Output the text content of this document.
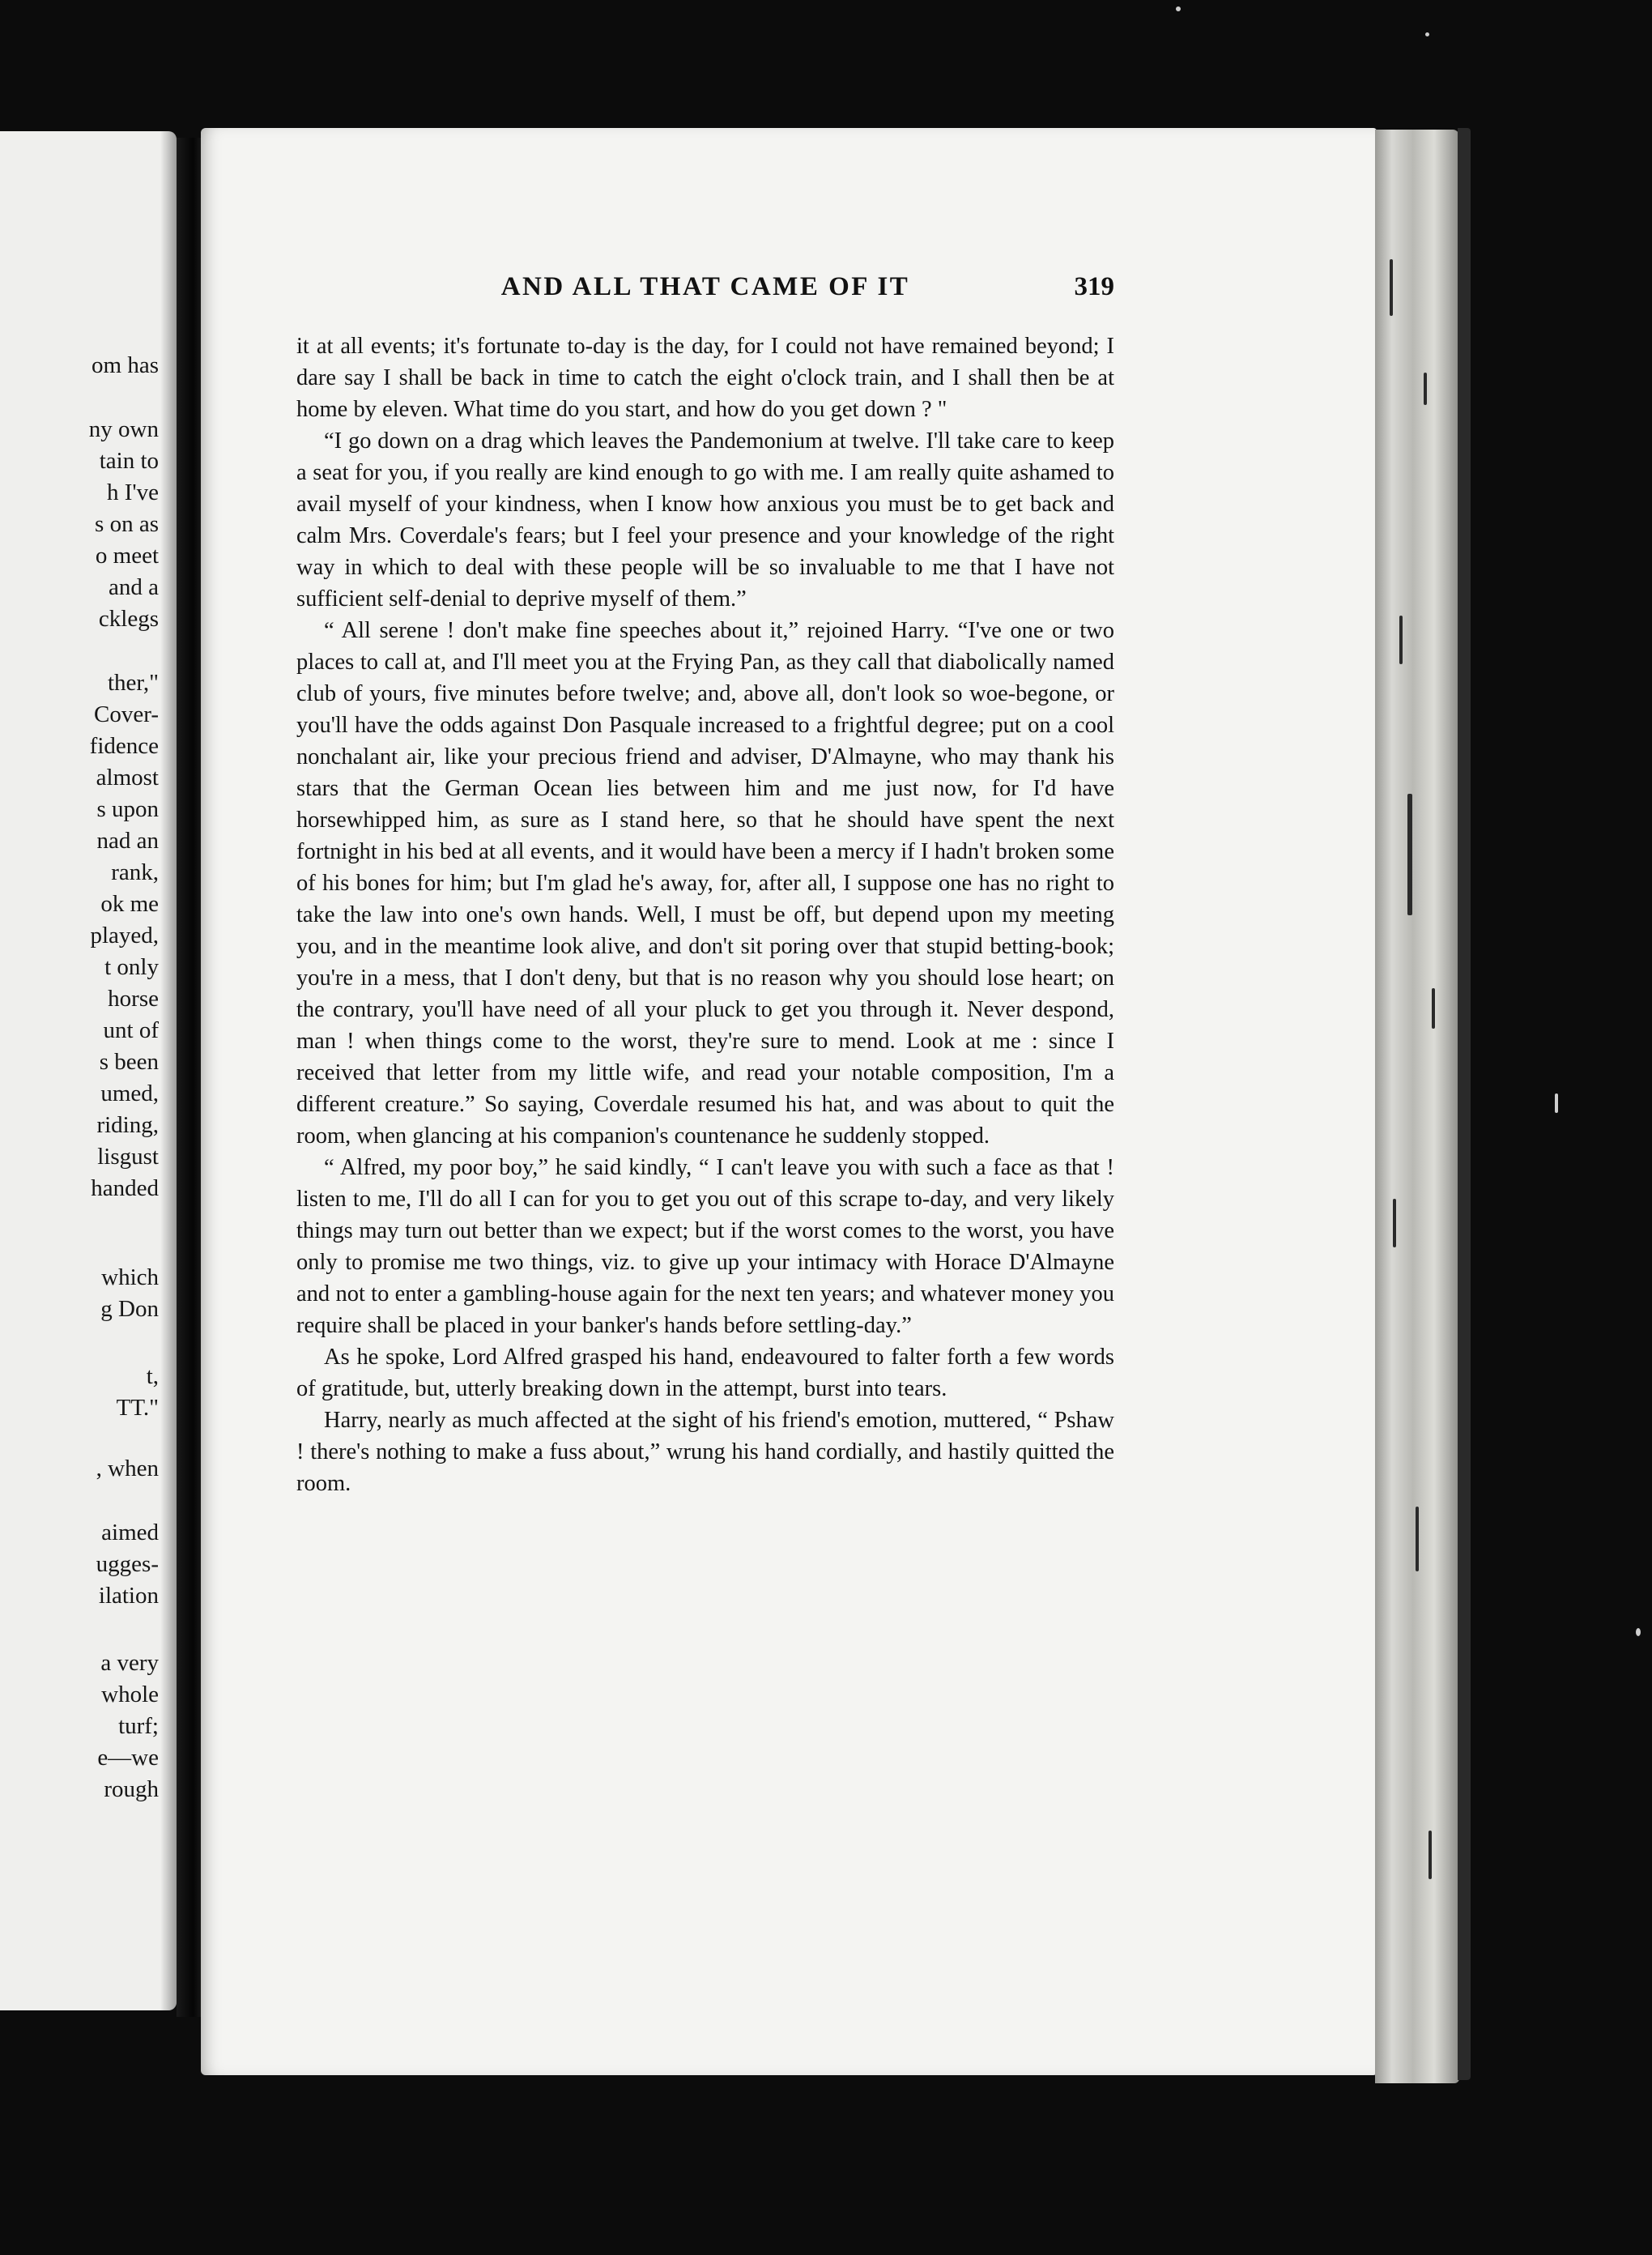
om has
ny own
tain to
h I've
s on as
o meet
and a
cklegs
ther,"
Cover-
fidence
almost
s upon
nad an
rank,
ok me
played,
t only
horse
unt of
s been
umed,
riding,
lisgust
handed
which
g Don
t,
TT."
, when
aimed
ugges-
ilation
a very
whole
turf;
e—we
rough
AND ALL THAT CAME OF IT	319

it at all events; it's fortunate to-day is the day, for I could not have remained beyond; I dare say I shall be back in time to catch the eight o'clock train, and I shall then be at home by eleven. What time do you start, and how do you get down ? "

“I go down on a drag which leaves the Pandemonium at twelve. I'll take care to keep a seat for you, if you really are kind enough to go with me. I am really quite ashamed to avail myself of your kindness, when I know how anxious you must be to get back and calm Mrs. Coverdale's fears; but I feel your presence and your knowledge of the right way in which to deal with these people will be so invaluable to me that I have not sufficient self-denial to deprive myself of them.”

“ All serene ! don't make fine speeches about it,” rejoined Harry. “I've one or two places to call at, and I'll meet you at the Frying Pan, as they call that diabolically named club of yours, five minutes before twelve; and, above all, don't look so woe-begone, or you'll have the odds against Don Pasquale increased to a frightful degree; put on a cool nonchalant air, like your precious friend and adviser, D'Almayne, who may thank his stars that the German Ocean lies between him and me just now, for I'd have horsewhipped him, as sure as I stand here, so that he should have spent the next fortnight in his bed at all events, and it would have been a mercy if I hadn't broken some of his bones for him; but I'm glad he's away, for, after all, I suppose one has no right to take the law into one's own hands. Well, I must be off, but depend upon my meeting you, and in the meantime look alive, and don't sit poring over that stupid betting-book; you're in a mess, that I don't deny, but that is no reason why you should lose heart; on the contrary, you'll have need of all your pluck to get you through it. Never despond, man ! when things come to the worst, they're sure to mend. Look at me : since I received that letter from my little wife, and read your notable composition, I'm a different creature.” So saying, Coverdale resumed his hat, and was about to quit the room, when glancing at his companion's countenance he suddenly stopped.

“ Alfred, my poor boy,” he said kindly, “ I can't leave you with such a face as that ! listen to me, I'll do all I can for you to get you out of this scrape to-day, and very likely things may turn out better than we expect; but if the worst comes to the worst, you have only to promise me two things, viz. to give up your intimacy with Horace D'Almayne and not to enter a gambling-house again for the next ten years; and whatever money you require shall be placed in your banker's hands before settling-day.”

As he spoke, Lord Alfred grasped his hand, endeavoured to falter forth a few words of gratitude, but, utterly breaking down in the attempt, burst into tears.

Harry, nearly as much affected at the sight of his friend's emotion, muttered, “ Pshaw ! there's nothing to make a fuss about,” wrung his hand cordially, and hastily quitted the room.
